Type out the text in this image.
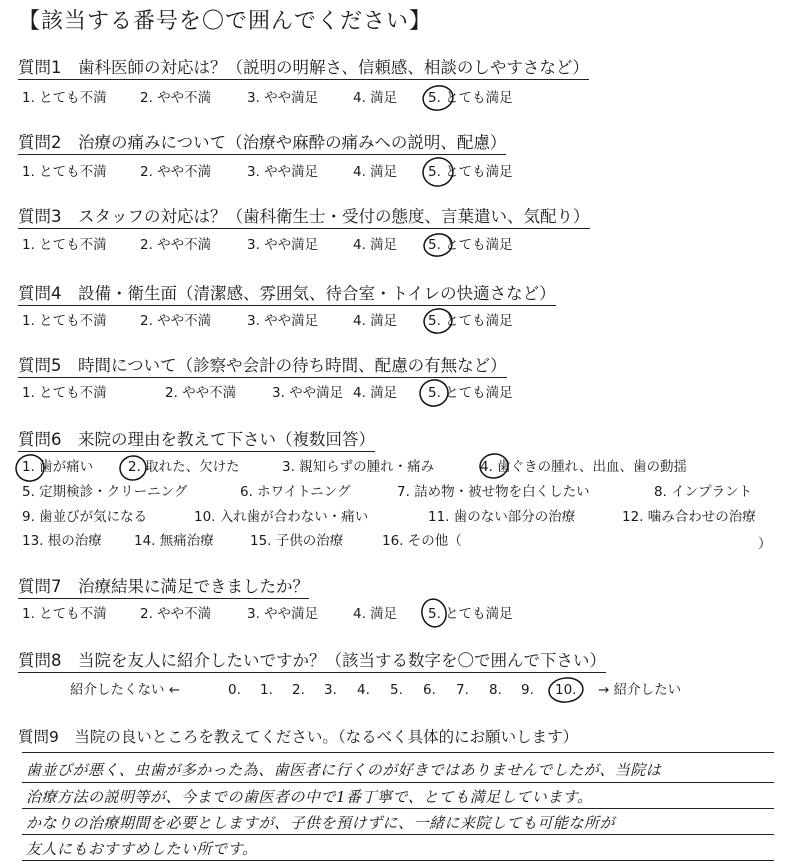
【該当する番号を〇で囲んでください】
質問1　歯科医師の対応は？（説明の明解さ、信頼感、相談のしやすさなど）
1. とても不満 2. やや不満	3. やや満足	4. 満足 5. とても満足
質問2　治療の痛みについて（治療や麻酔の痛みへの説明、配慮）
1. とても不満 2. やや不満	3. やや満足	4. 満足 5. とても満足
質問3　スタッフの対応は？（歯科衛生士・受付の態度、言葉遣い、気配り）
1. とても不満 2. やや不満	3. やや満足	4. 満足 5. とても満足
質問4　設備・衛生面（清潔感、雰囲気、待合室・トイレの快適さなど）
1. とても不満 2. やや不満	3. やや満足	4. 満足 5. とても満足
質問5　時間について（診察や会計の待ち時間、配慮の有無など）
1. とても不満	2. やや不満	3. やや満足 4. 満足 5. とても満足
質問6　来院の理由を教えて下さい（複数回答）
1. 歯が痛い	2. 取れた、欠けた	3. 親知らずの腫れ・痛み	4. 歯ぐきの腫れ、出血、歯の動揺
5. 定期検診・クリーニング	6. ホワイトニング	7. 詰め物・被せ物を白くしたい	8. インプラント
9. 歯並びが気になる	10. 入れ歯が合わない・痛い	11. 歯のない部分の治療	12. 噛み合わせの治療
13. 根の治療 14. 無痛治療	15. 子供の治療	16. その他（	）
質問7　治療結果に満足できましたか？
1. とても不満 2. やや不満	3. やや満足	4. 満足 5. とても満足
質問8　当院を友人に紹介したいですか？（該当する数字を〇で囲んで下さい）
紹介したくない ←	0. 1. 2. 3. 4. 5. 6. 7. 8. 9. 10. → 紹介したい
質問9　当院の良いところを教えてください。（なるべく具体的にお願いします）
歯並びが悪く、虫歯が多かった為、歯医者に行くのが好きではありませんでしたが、当院は
治療方法の説明等が、今までの歯医者の中で1番丁寧で、とても満足しています。
かなりの治療期間を必要としますが、子供を預けずに、一緒に来院しても可能な所が
友人にもおすすめしたい所です。
